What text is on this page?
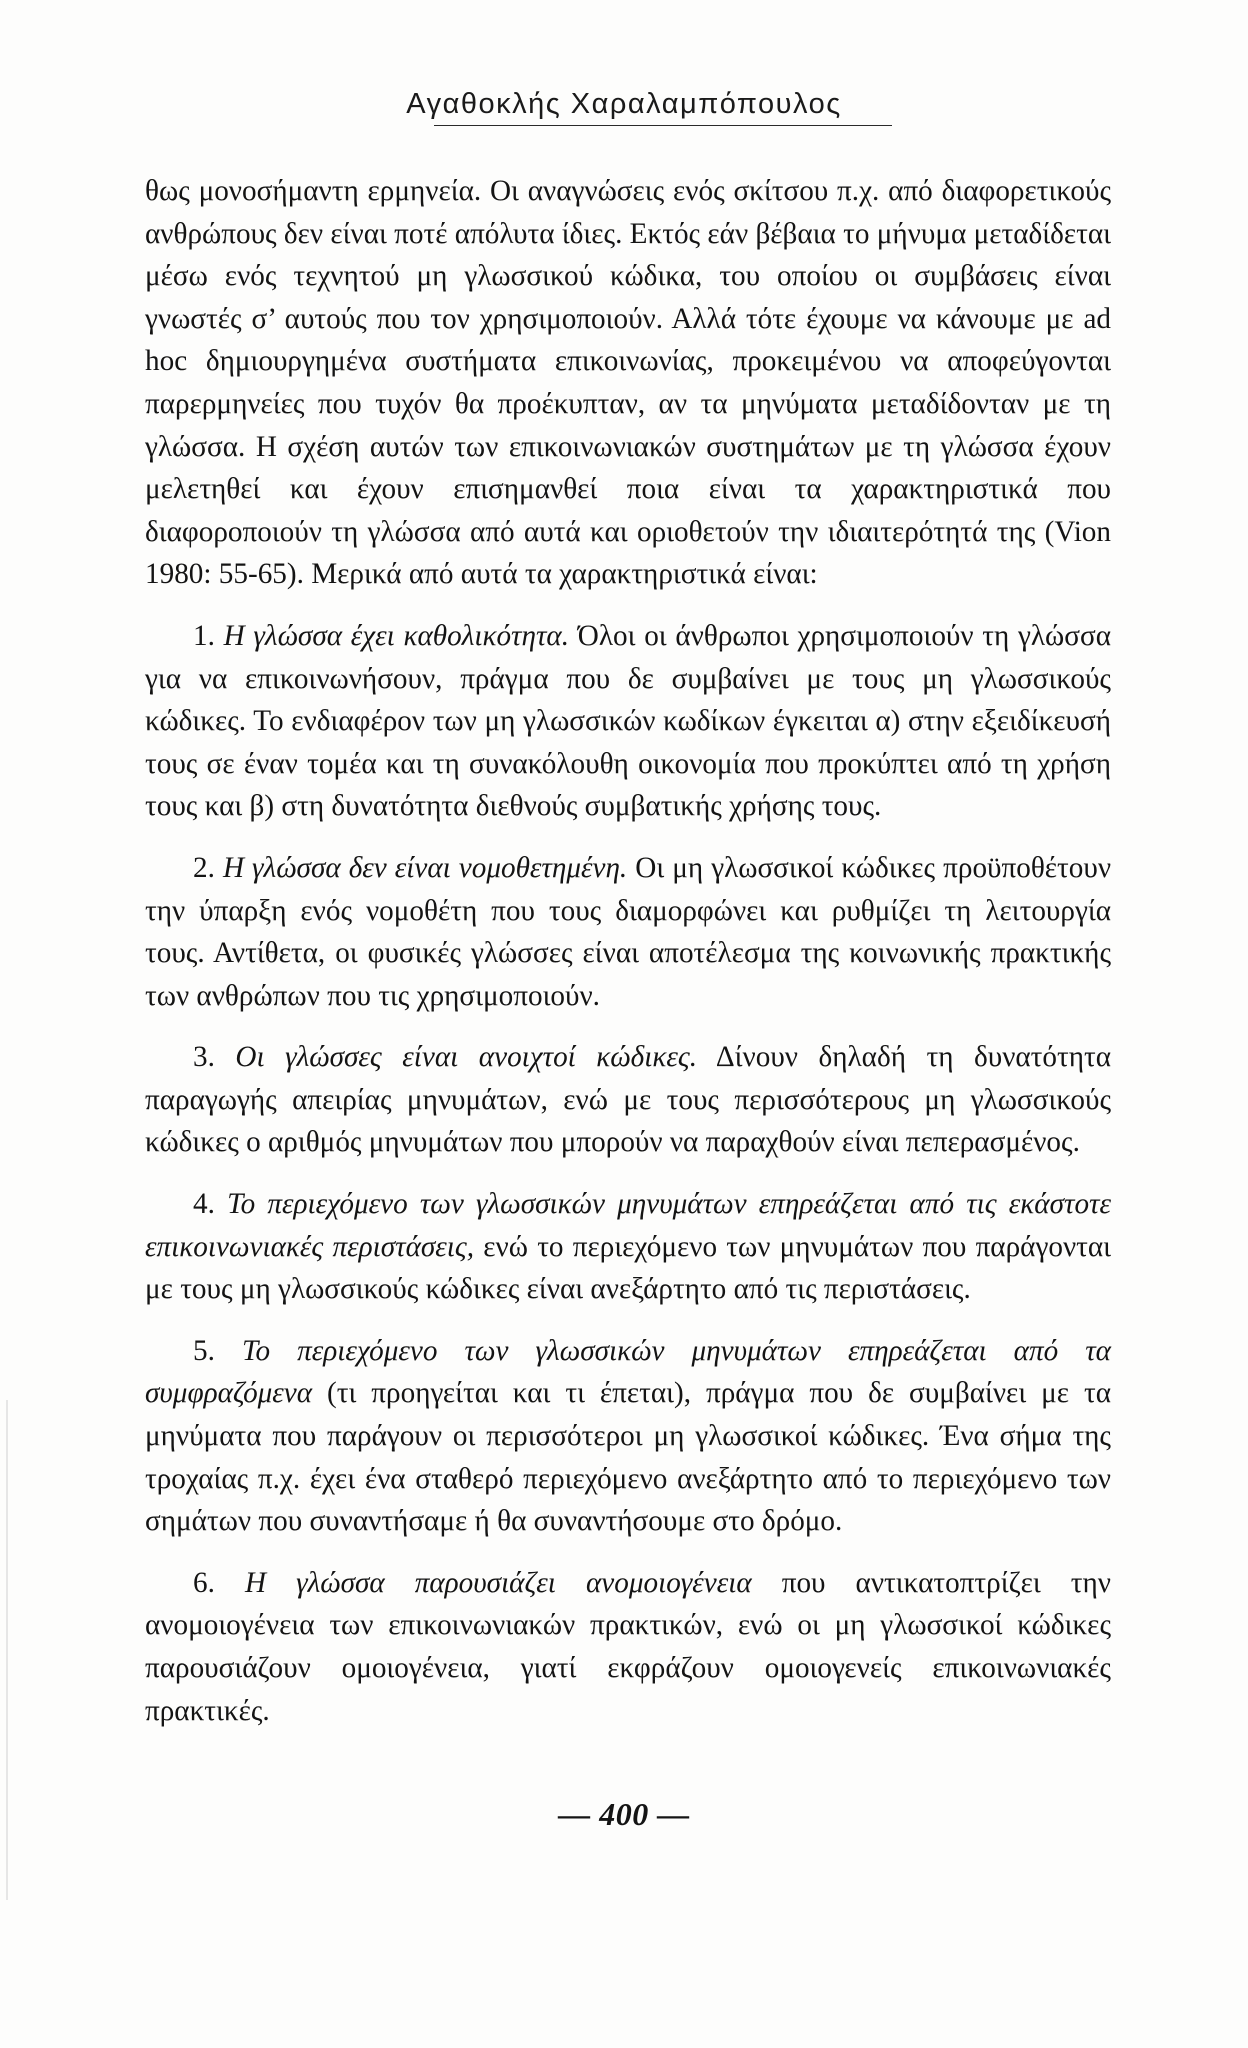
Αγαθοκλής Χαραλαμπόπουλος

θως μονοσήμαντη ερμηνεία. Οι αναγνώσεις ενός σκίτσου π.χ. από διαφορετικούς ανθρώπους δεν είναι ποτέ απόλυτα ίδιες. Εκτός εάν βέβαια το μήνυμα μεταδίδεται μέσω ενός τεχνητού μη γλωσσικού κώδικα, του οποίου οι συμβάσεις είναι γνωστές σ’ αυτούς που τον χρησιμοποιούν. Αλλά τότε έχουμε να κάνουμε με ad hoc δημιουργημένα συστήματα επικοινωνίας, προκειμένου να αποφεύγονται παρερμηνείες που τυχόν θα προέκυπταν, αν τα μηνύματα μεταδίδονταν με τη γλώσσα. Η σχέση αυτών των επικοινωνιακών συστημάτων με τη γλώσσα έχουν μελετηθεί και έχουν επισημανθεί ποια είναι τα χαρακτηριστικά που διαφοροποιούν τη γλώσσα από αυτά και οριοθετούν την ιδιαιτερότητά της (Vion 1980: 55-65). Μερικά από αυτά τα χαρακτηριστικά είναι:

1. Η γλώσσα έχει καθολικότητα. Όλοι οι άνθρωποι χρησιμοποιούν τη γλώσσα για να επικοινωνήσουν, πράγμα που δε συμβαίνει με τους μη γλωσσικούς κώδικες. Το ενδιαφέρον των μη γλωσσικών κωδίκων έγκειται α) στην εξειδίκευσή τους σε έναν τομέα και τη συνακόλουθη οικονομία που προκύπτει από τη χρήση τους και β) στη δυνατότητα διεθνούς συμβατικής χρήσης τους.

2. Η γλώσσα δεν είναι νομοθετημένη. Οι μη γλωσσικοί κώδικες προϋποθέτουν την ύπαρξη ενός νομοθέτη που τους διαμορφώνει και ρυθμίζει τη λειτουργία τους. Αντίθετα, οι φυσικές γλώσσες είναι αποτέλεσμα της κοινωνικής πρακτικής των ανθρώπων που τις χρησιμοποιούν.

3. Οι γλώσσες είναι ανοιχτοί κώδικες. Δίνουν δηλαδή τη δυνατότητα παραγωγής απειρίας μηνυμάτων, ενώ με τους περισσότερους μη γλωσσικούς κώδικες ο αριθμός μηνυμάτων που μπορούν να παραχθούν είναι πεπερασμένος.

4. Το περιεχόμενο των γλωσσικών μηνυμάτων επηρεάζεται από τις εκάστοτε επικοινωνιακές περιστάσεις, ενώ το περιεχόμενο των μηνυμάτων που παράγονται με τους μη γλωσσικούς κώδικες είναι ανεξάρτητο από τις περιστάσεις.

5. Το περιεχόμενο των γλωσσικών μηνυμάτων επηρεάζεται από τα συμφραζόμενα (τι προηγείται και τι έπεται), πράγμα που δε συμβαίνει με τα μηνύματα που παράγουν οι περισσότεροι μη γλωσσικοί κώδικες. Ένα σήμα της τροχαίας π.χ. έχει ένα σταθερό περιεχόμενο ανεξάρτητο από το περιεχόμενο των σημάτων που συναντήσαμε ή θα συναντήσουμε στο δρόμο.

6. Η γλώσσα παρουσιάζει ανομοιογένεια που αντικατοπτρίζει την ανομοιογένεια των επικοινωνιακών πρακτικών, ενώ οι μη γλωσσικοί κώδικες παρουσιάζουν ομοιογένεια, γιατί εκφράζουν ομοιογενείς επικοινωνιακές πρακτικές.

— 400 —
